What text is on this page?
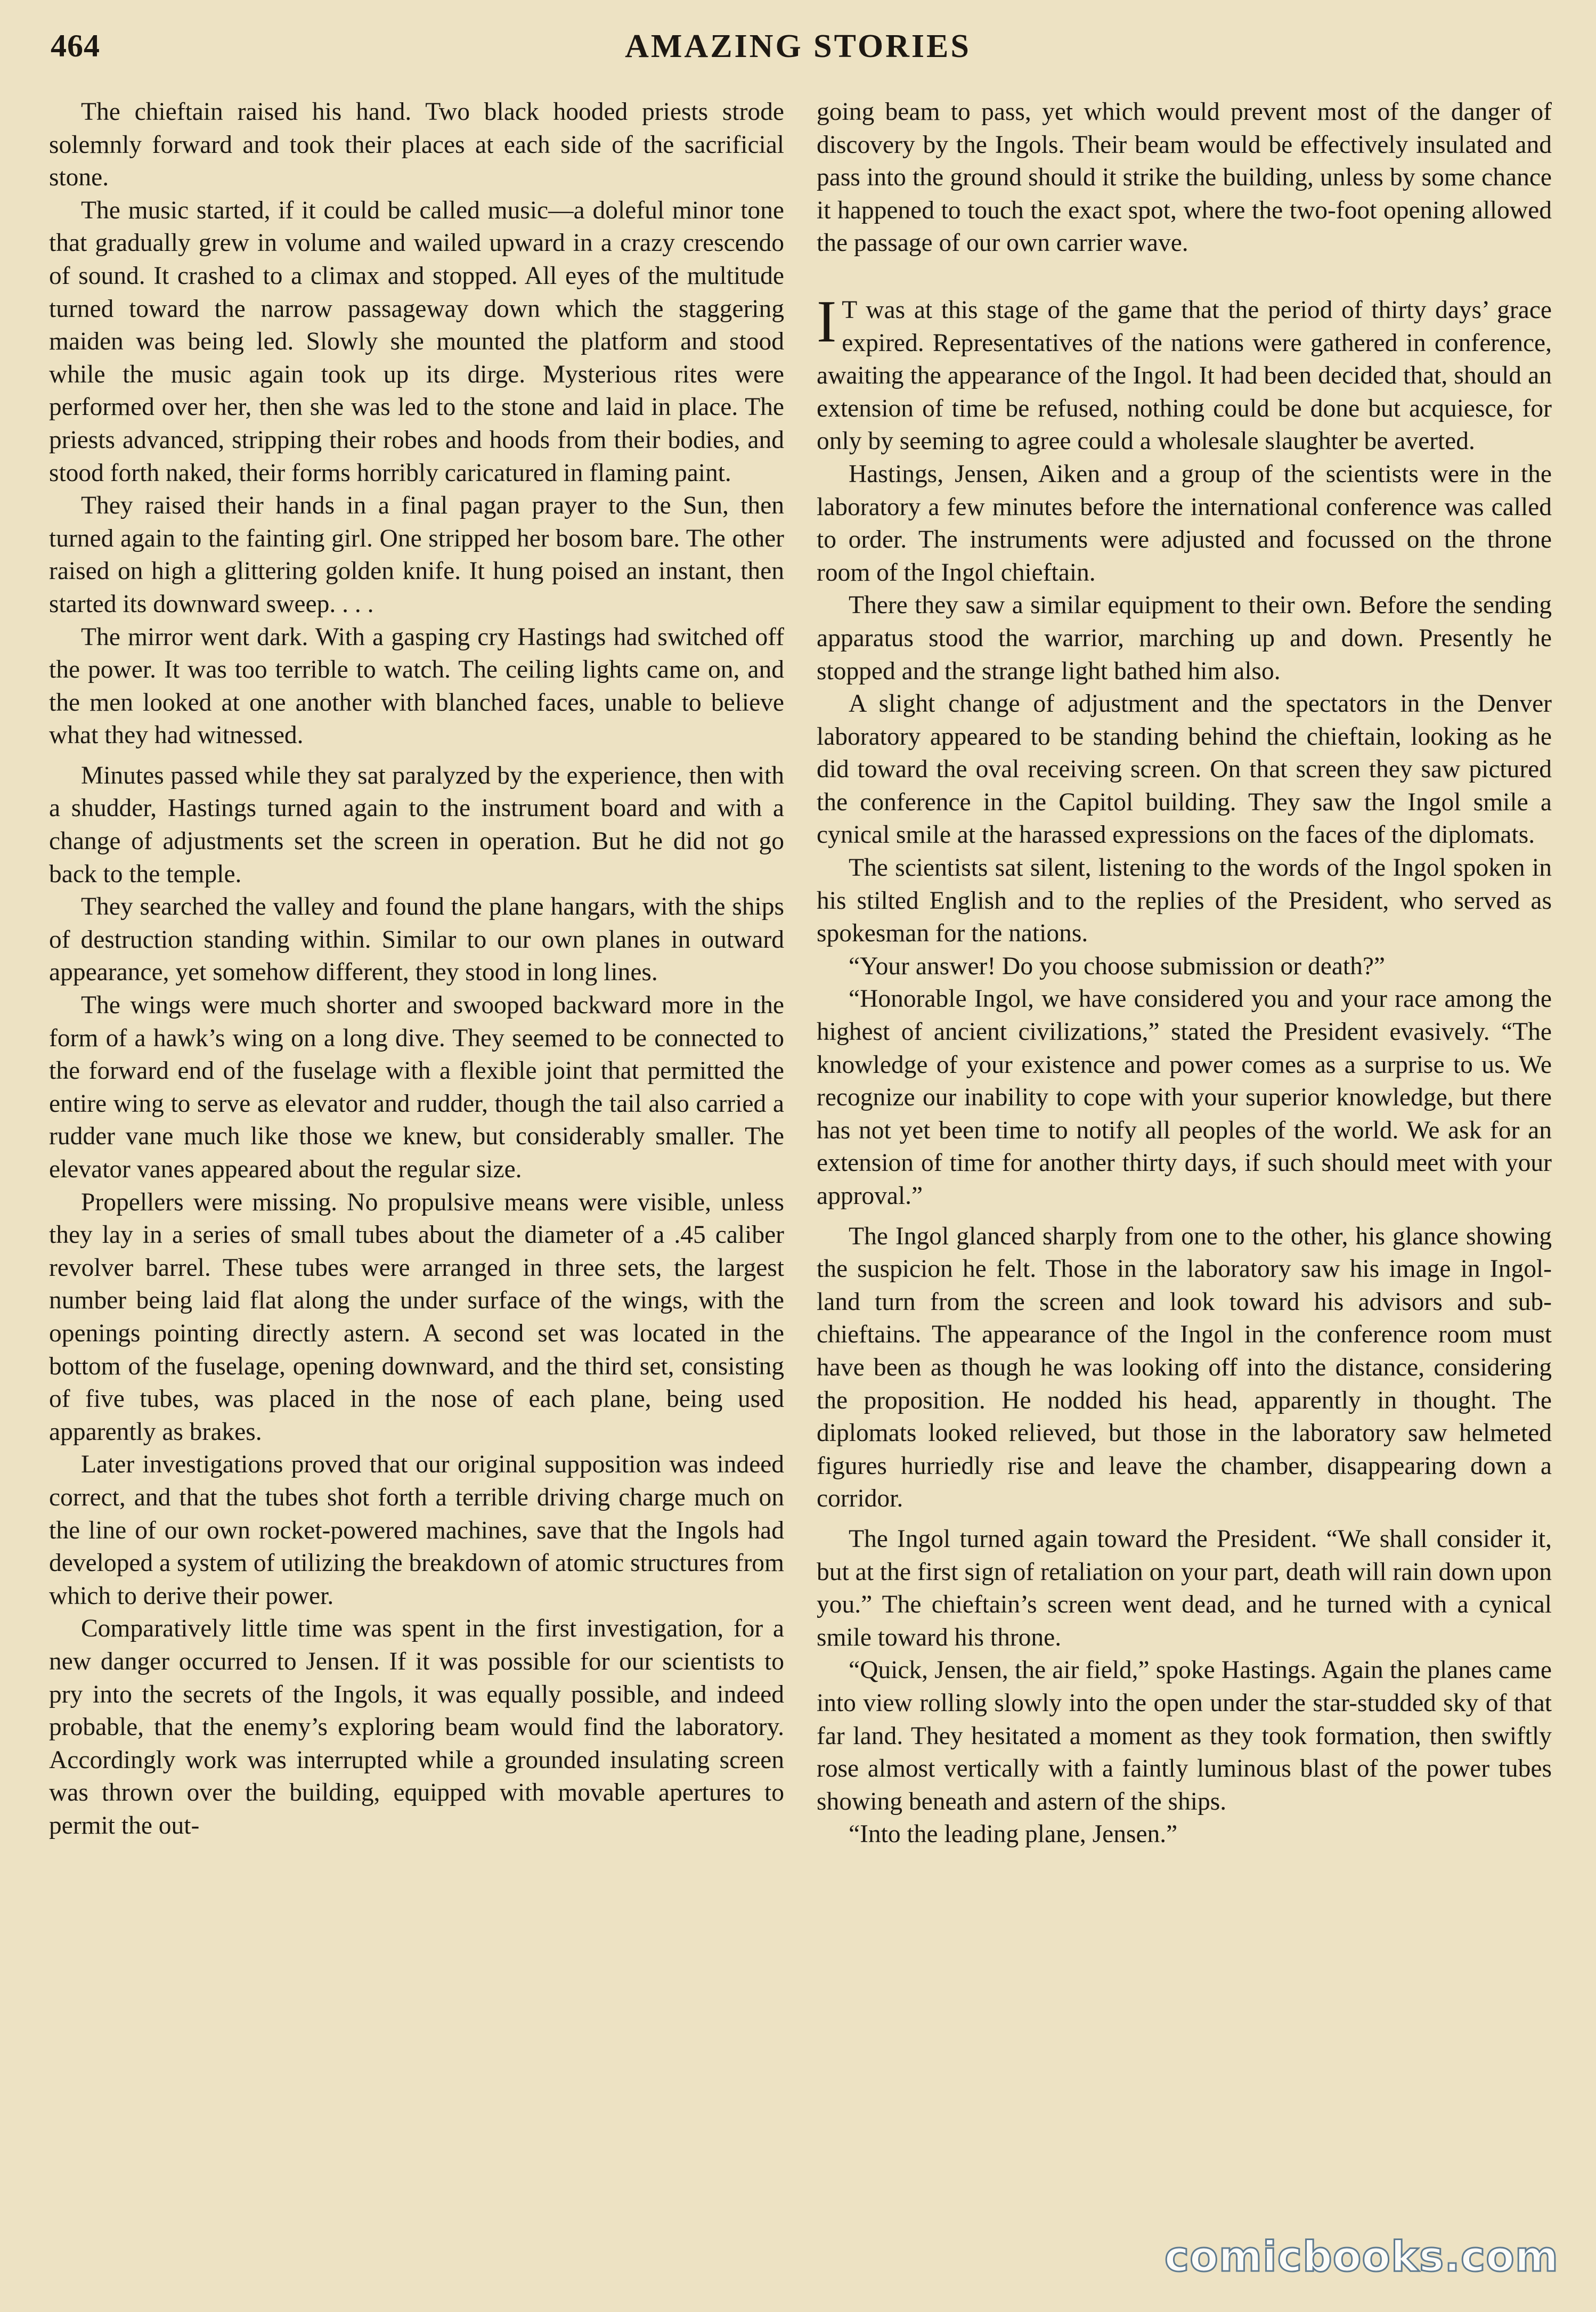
464	AMAZING STORIES

The chieftain raised his hand. Two black hooded priests strode solemnly forward and took their places at each side of the sacrificial stone.

The music started, if it could be called music—a doleful minor tone that gradually grew in volume and wailed upward in a crazy crescendo of sound. It crashed to a climax and stopped. All eyes of the multitude turned toward the narrow passageway down which the staggering maiden was being led. Slowly she mounted the platform and stood while the music again took up its dirge. Mysterious rites were performed over her, then she was led to the stone and laid in place. The priests advanced, stripping their robes and hoods from their bodies, and stood forth naked, their forms horribly caricatured in flaming paint.

They raised their hands in a final pagan prayer to the Sun, then turned again to the fainting girl. One stripped her bosom bare. The other raised on high a glittering golden knife. It hung poised an instant, then started its downward sweep. . . .

The mirror went dark. With a gasping cry Hastings had switched off the power. It was too terrible to watch. The ceiling lights came on, and the men looked at one another with blanched faces, unable to believe what they had witnessed.

Minutes passed while they sat paralyzed by the experience, then with a shudder, Hastings turned again to the instrument board and with a change of adjustments set the screen in operation. But he did not go back to the temple.

They searched the valley and found the plane hangars, with the ships of destruction standing within. Similar to our own planes in outward appearance, yet somehow different, they stood in long lines.

The wings were much shorter and swooped backward more in the form of a hawk’s wing on a long dive. They seemed to be connected to the forward end of the fuselage with a flexible joint that permitted the entire wing to serve as elevator and rudder, though the tail also carried a rudder vane much like those we knew, but considerably smaller. The elevator vanes appeared about the regular size.

Propellers were missing. No propulsive means were visible, unless they lay in a series of small tubes about the diameter of a .45 caliber revolver barrel. These tubes were arranged in three sets, the largest number being laid flat along the under surface of the wings, with the openings pointing directly astern. A second set was located in the bottom of the fuselage, opening downward, and the third set, consisting of five tubes, was placed in the nose of each plane, being used apparently as brakes.

Later investigations proved that our original supposition was indeed correct, and that the tubes shot forth a terrible driving charge much on the line of our own rocket-powered machines, save that the Ingols had developed a system of utilizing the breakdown of atomic structures from which to derive their power.

Comparatively little time was spent in the first investigation, for a new danger occurred to Jensen. If it was possible for our scientists to pry into the secrets of the Ingols, it was equally possible, and indeed probable, that the enemy’s exploring beam would find the laboratory. Accordingly work was interrupted while a grounded insulating screen was thrown over the building, equipped with movable apertures to permit the out-

going beam to pass, yet which would prevent most of the danger of discovery by the Ingols. Their beam would be effectively insulated and pass into the ground should it strike the building, unless by some chance it happened to touch the exact spot, where the two-foot opening allowed the passage of our own carrier wave.

I T was at this stage of the game that the period of thirty days’ grace expired. Representatives of the nations were gathered in conference, awaiting the appearance of the Ingol. It had been decided that, should an extension of time be refused, nothing could be done but acquiesce, for only by seeming to agree could a wholesale slaughter be averted.

Hastings, Jensen, Aiken and a group of the scientists were in the laboratory a few minutes before the international conference was called to order. The instruments were adjusted and focussed on the throne room of the Ingol chieftain.

There they saw a similar equipment to their own. Before the sending apparatus stood the warrior, marching up and down. Presently he stopped and the strange light bathed him also.

A slight change of adjustment and the spectators in the Denver laboratory appeared to be standing behind the chieftain, looking as he did toward the oval receiving screen. On that screen they saw pictured the conference in the Capitol building. They saw the Ingol smile a cynical smile at the harassed expressions on the faces of the diplomats.

The scientists sat silent, listening to the words of the Ingol spoken in his stilted English and to the replies of the President, who served as spokesman for the nations.

“Your answer! Do you choose submission or death?”

“Honorable Ingol, we have considered you and your race among the highest of ancient civilizations,” stated the President evasively. “The knowledge of your existence and power comes as a surprise to us. We recognize our inability to cope with your superior knowledge, but there has not yet been time to notify all peoples of the world. We ask for an extension of time for another thirty days, if such should meet with your approval.”

The Ingol glanced sharply from one to the other, his glance showing the suspicion he felt. Those in the laboratory saw his image in Ingol-land turn from the screen and look toward his advisors and sub-chieftains. The appearance of the Ingol in the conference room must have been as though he was looking off into the distance, considering the proposition. He nodded his head, apparently in thought. The diplomats looked relieved, but those in the laboratory saw helmeted figures hurriedly rise and leave the chamber, disappearing down a corridor.

The Ingol turned again toward the President. “We shall consider it, but at the first sign of retaliation on your part, death will rain down upon you.” The chieftain’s screen went dead, and he turned with a cynical smile toward his throne.

“Quick, Jensen, the air field,” spoke Hastings. Again the planes came into view rolling slowly into the open under the star-studded sky of that far land. They hesitated a moment as they took formation, then swiftly rose almost vertically with a faintly luminous blast of the power tubes showing beneath and astern of the ships.

“Into the leading plane, Jensen.”

comicbooks.com
